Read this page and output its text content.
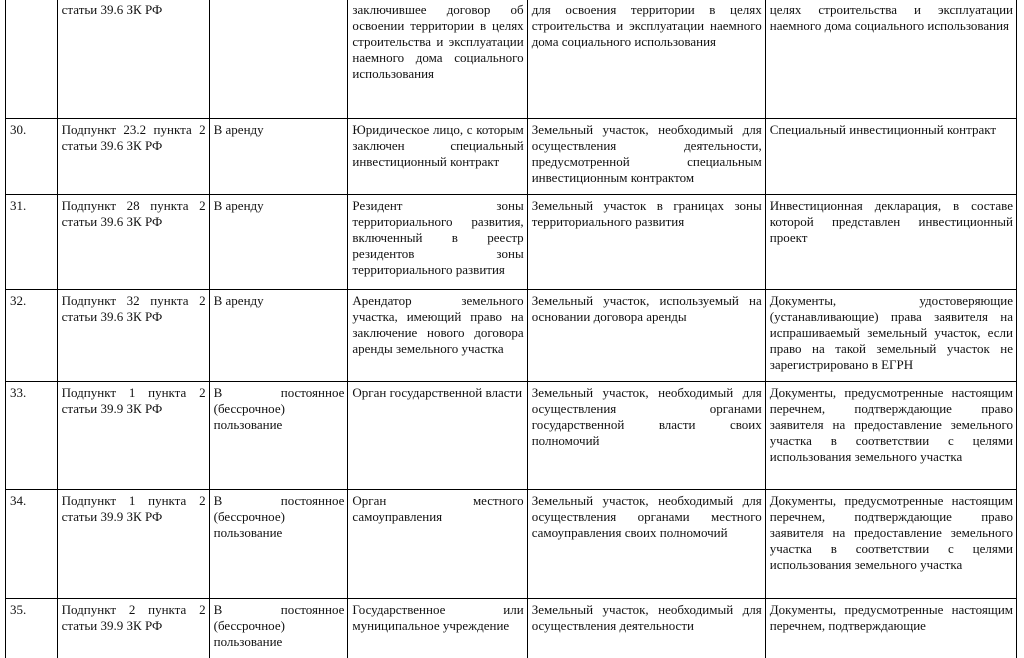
	статьи 39.6 ЗК РФ		заключившее договор об освоении территории в целях строительства и эксплуатации наемного дома социального использования	для освоения территории в целях строительства и эксплуатации наемного дома социального использования	целях строительства и эксплуатации наемного дома социального использования
30.	Подпункт 23.2 пункта 2 статьи 39.6 ЗК РФ	В аренду	Юридическое лицо, с которым заключен специальный инвестиционный контракт	Земельный участок, необходимый для осуществления деятельности, предусмотренной специальным инвестиционным контрактом	Специальный инвестиционный контракт
31.	Подпункт 28 пункта 2 статьи 39.6 ЗК РФ	В аренду	Резидент зоны территориального развития, включенный в реестр резидентов зоны территориального развития	Земельный участок в границах зоны территориального развития	Инвестиционная декларация, в составе которой представлен инвестиционный проект
32.	Подпункт 32 пункта 2 статьи 39.6 ЗК РФ	В аренду	Арендатор земельного участка, имеющий право на заключение нового договора аренды земельного участка	Земельный участок, используемый на основании договора аренды	Документы, удостоверяющие (устанавливающие) права заявителя на испрашиваемый земельный участок, если право на такой земельный участок не зарегистрировано в ЕГРН
33.	Подпункт 1 пункта 2 статьи 39.9 ЗК РФ	В постоянное (бессрочное) пользование	Орган государственной власти	Земельный участок, необходимый для осуществления органами государственной власти своих полномочий	Документы, предусмотренные настоящим перечнем, подтверждающие право заявителя на предоставление земельного участка в соответствии с целями использования земельного участка
34.	Подпункт 1 пункта 2 статьи 39.9 ЗК РФ	В постоянное (бессрочное) пользование	Орган местного самоуправления	Земельный участок, необходимый для осуществления органами местного самоуправления своих полномочий	Документы, предусмотренные настоящим перечнем, подтверждающие право заявителя на предоставление земельного участка в соответствии с целями использования земельного участка
35.	Подпункт 2 пункта 2 статьи 39.9 ЗК РФ	В постоянное (бессрочное) пользование	Государственное или муниципальное учреждение	Земельный участок, необходимый для осуществления деятельности	Документы, предусмотренные настоящим перечнем, подтверждающие
